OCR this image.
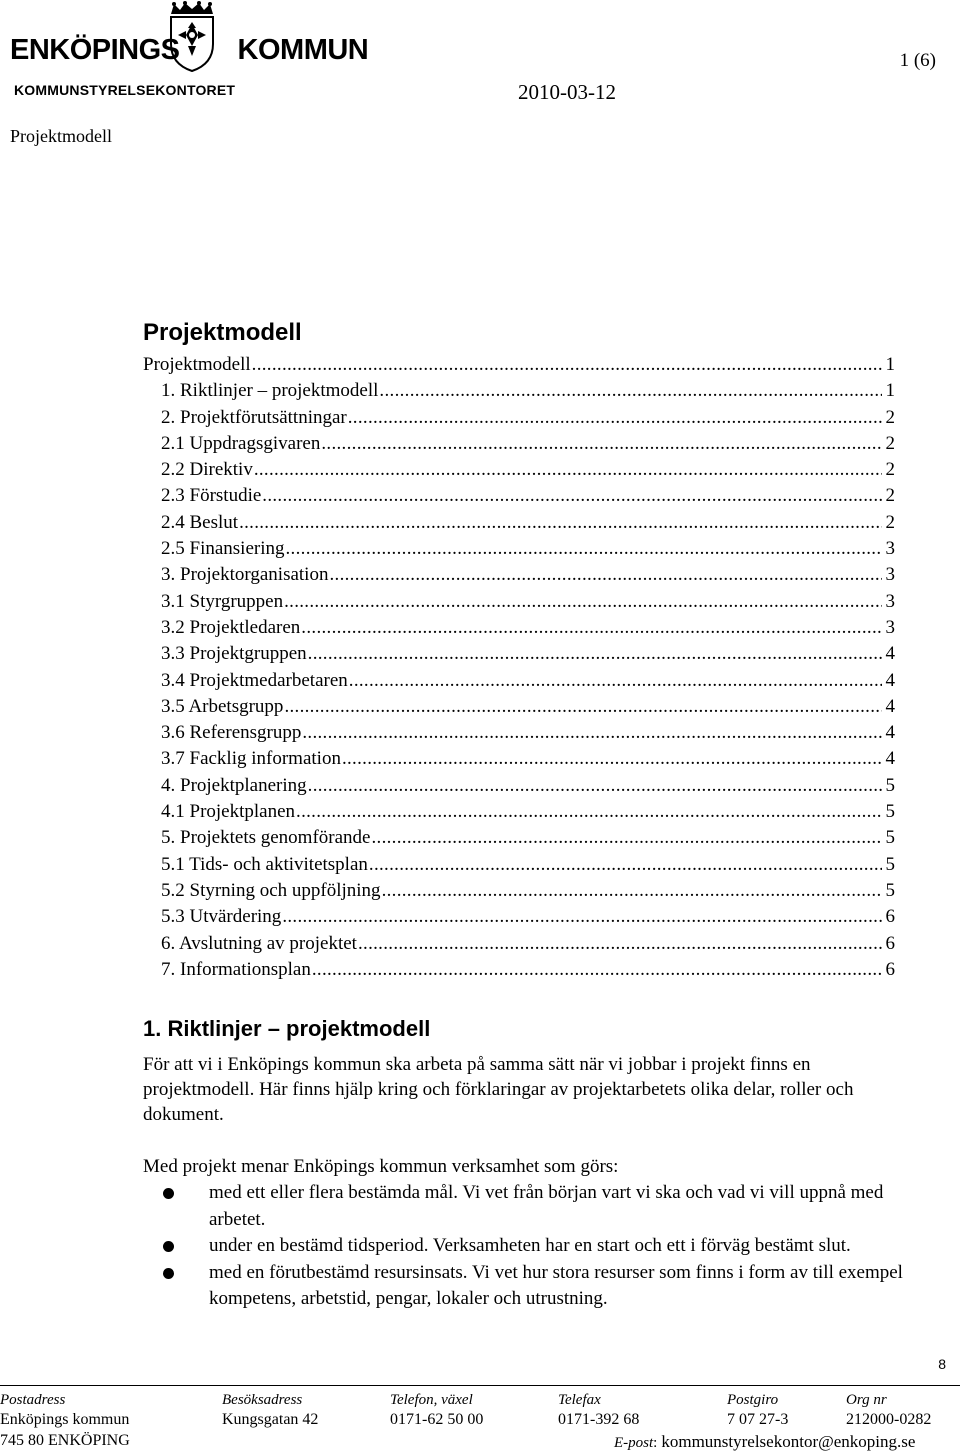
ENKÖPINGS KOMMUN
KOMMUNSTYRELSEKONTORET
1 (6)
2010-03-12
Projektmodell
Projektmodell
Projektmodell .....	1
1. Riktlinjer – projektmodell .....	1
2. Projektförutsättningar .....	2
2.1 Uppdragsgivaren .....	2
2.2 Direktiv .....	2
2.3 Förstudie .....	2
2.4 Beslut .....	2
2.5 Finansiering .....	3
3. Projektorganisation .....	3
3.1 Styrgruppen .....	3
3.2 Projektledaren .....	3
3.3 Projektgruppen .....	4
3.4 Projektmedarbetaren .....	4
3.5 Arbetsgrupp .....	4
3.6 Referensgrupp .....	4
3.7 Facklig information .....	4
4. Projektplanering .....	5
4.1 Projektplanen .....	5
5. Projektets genomförande .....	5
5.1 Tids- och aktivitetsplan .....	5
5.2 Styrning och uppföljning .....	5
5.3 Utvärdering .....	6
6. Avslutning av projektet .....	6
7. Informationsplan .....	6
1. Riktlinjer – projektmodell
För att vi i Enköpings kommun ska arbeta på samma sätt när vi jobbar i projekt finns en projektmodell. Här finns hjälp kring och förklaringar av projektarbetets olika delar, roller och dokument.
Med projekt menar Enköpings kommun verksamhet som görs:
med ett eller flera bestämda mål. Vi vet från början vart vi ska och vad vi vill uppnå med arbetet.
under en bestämd tidsperiod. Verksamheten har en start och ett i förväg bestämt slut.
med en förutbestämd resursinsats. Vi vet hur stora resurser som finns i form av till exempel kompetens, arbetstid, pengar, lokaler och utrustning.
8
Postadress
Enköpings kommun
745 80 ENKÖPING
Besöksadress
Kungsgatan 42
Telefon, växel
0171-62 50 00
Telefax
0171-392 68
Postgiro
7 07 27-3
Org nr
212000-0282
E-post: kommunstyrelsekontor@enkoping.se
